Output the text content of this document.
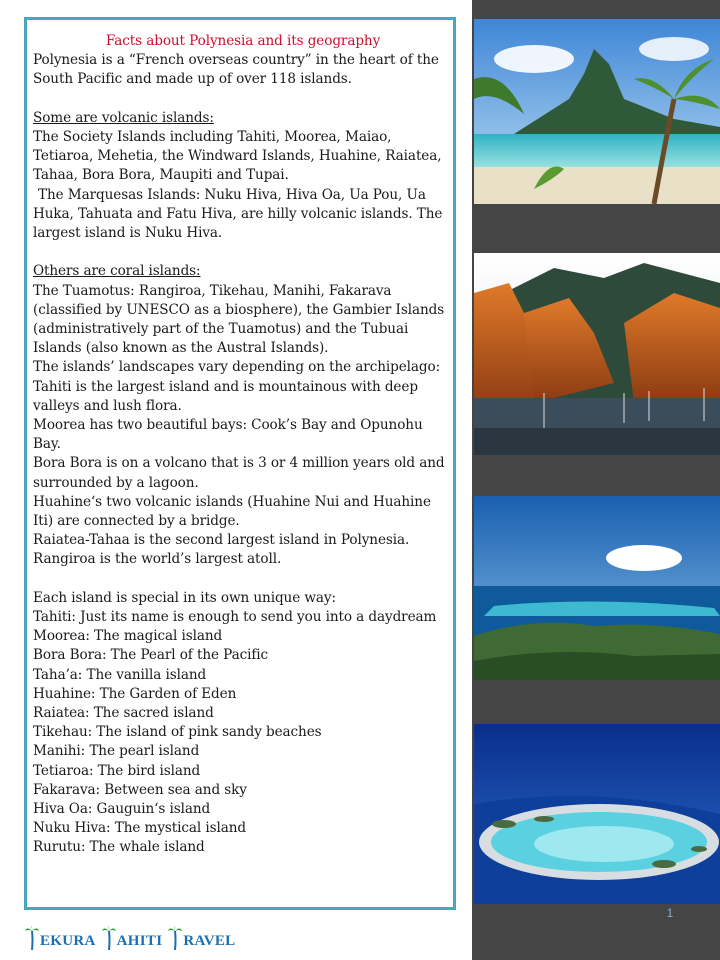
1

Facts about Polynesia and its geography

Polynesia is a “French overseas country” in the heart of the South Pacific and made up of over 118 islands.

Some are volcanic islands:

The Society Islands including Tahiti, Moorea, Maiao, Tetiaroa, Mehetia, the Windward Islands, Huahine, Raiatea, Tahaa, Bora Bora, Maupiti and Tupai.

The Marquesas Islands: Nuku Hiva, Hiva Oa, Ua Pou, Ua Huka, Tahuata and Fatu Hiva, are hilly volcanic islands. The largest island is Nuku Hiva.

Others are coral islands:

The Tuamotus: Rangiroa, Tikehau, Manihi, Fakarava (classified by UNESCO as a biosphere), the Gambier Islands (administratively part of the Tuamotus) and the Tubuai Islands (also known as the Austral Islands).

The islands’ landscapes vary depending on the archipelago: Tahiti is the largest island and is mountainous with deep valleys and lush flora.

Moorea has two beautiful bays: Cook’s Bay and Opunohu Bay.

Bora Bora is on a volcano that is 3 or 4 million years old and surrounded by a lagoon.

Huahine‘s two volcanic islands (Huahine Nui and Huahine Iti) are connected by a bridge.

Raiatea-Tahaa is the second largest island in Polynesia.

Rangiroa is the world’s largest atoll.

Each island is special in its own unique way:

Tahiti: Just its name is enough to send you into a daydream

Moorea: The magical island

Bora Bora: The Pearl of the Pacific

Taha’a: The vanilla island

Huahine: The Garden of Eden

Raiatea: The sacred island

Tikehau: The island of pink sandy beaches

Manihi: The pearl island

Tetiaroa: The bird island

Fakarava: Between sea and sky

Hiva Oa: Gauguin‘s island

Nuku Hiva: The mystical island

Rurutu: The whale island

EKURA AHITI RAVEL
